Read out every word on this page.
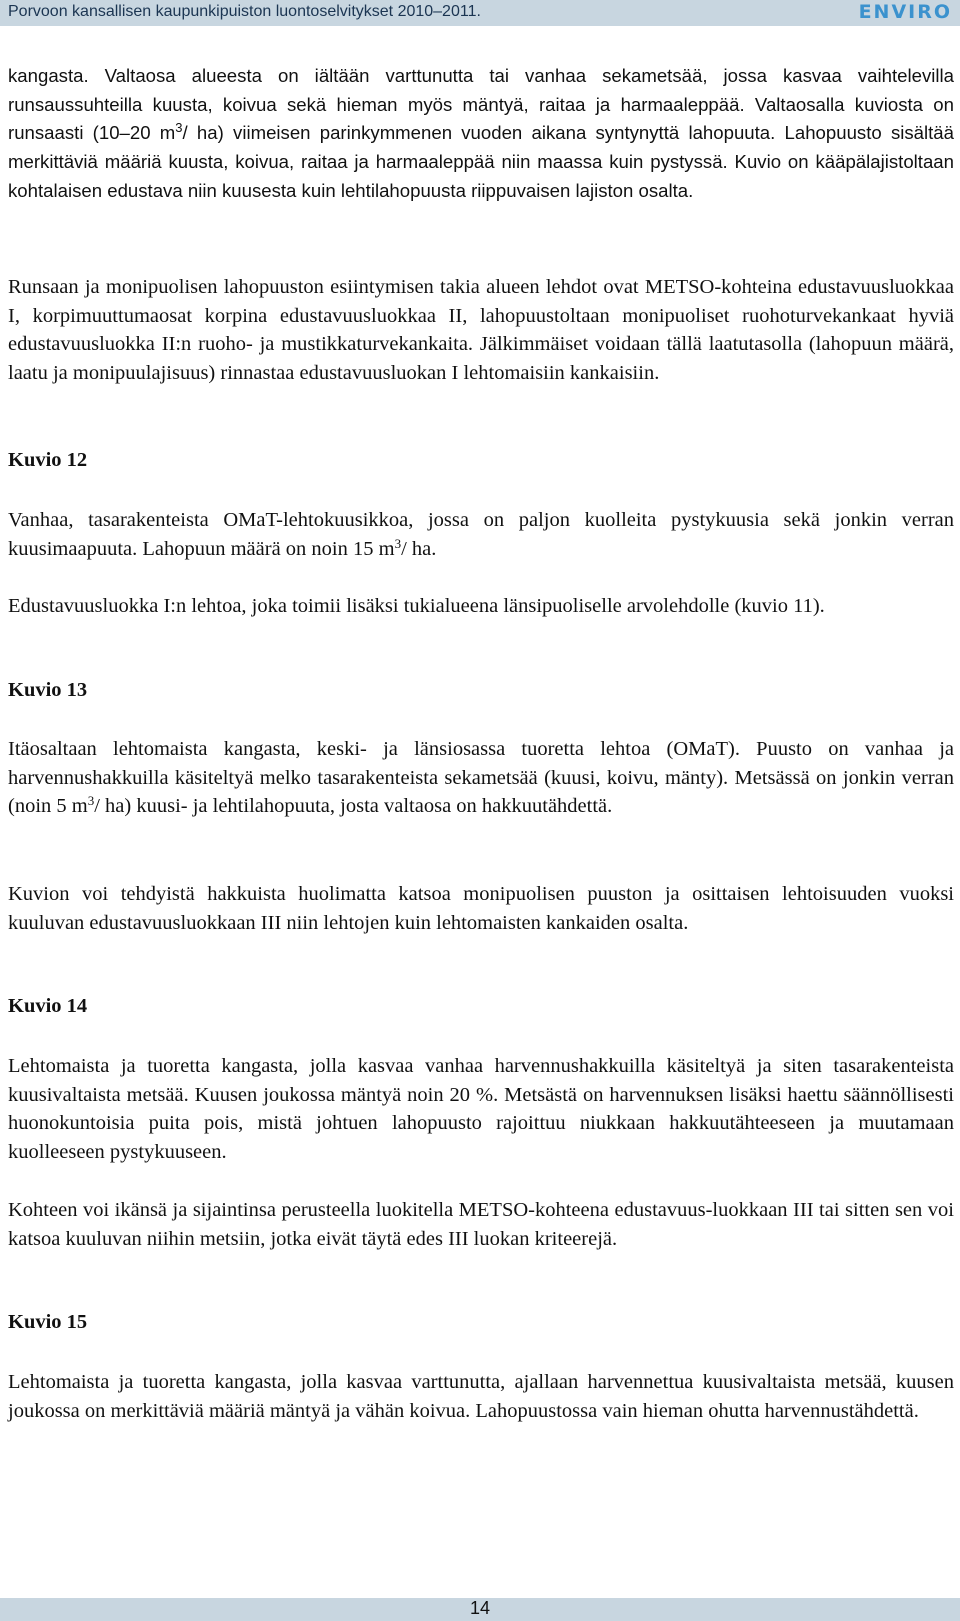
Porvoon kansallisen kaupunkipuiston luontoselvitykset 2010–2011.	ENVIRO
kangasta. Valtaosa alueesta on iältään varttunutta tai vanhaa sekametsää, jossa kasvaa vaihtelevilla runsaussuhteilla kuusta, koivua sekä hieman myös mäntyä, raitaa ja harmaaleppää. Valtaosalla kuviosta on runsaasti (10–20 $m^3/$ ha) viimeisen parinkymmenen vuoden aikana syntynyttä lahopuuta. Lahopuusto sisältää merkittäviä määriä kuusta, koivua, raitaa ja harmaaleppää niin maassa kuin pystyssä. Kuvio on kääpälajistoltaan kohtalaisen edustava niin kuusesta kuin lehtilahopuusta riippuvaisen lajiston osalta.
Runsaan ja monipuolisen lahopuuston esiintymisen takia alueen lehdot ovat METSO-kohteina edustavuusluokkaa I, korpimuuttumaosat korpina edustavuusluokkaa II, lahopuustoltaan monipuoliset ruohoturvekankaat hyviä edustavuusluokka II:n ruoho- ja mustikkaturvekankaita. Jälkimmäiset voidaan tällä laatutasolla (lahopuun määrä, laatu ja monipuulajisuus) rinnastaa edustavuusluokan I lehtomaisiin kankaisiin.
Kuvio 12
Vanhaa, tasarakenteista OMaT-lehtokuusikkoa, jossa on paljon kuolleita pystykuusia sekä jonkin verran kuusimaapuuta. Lahopuun määrä on noin 15 $m^3/$ ha.
Edustavuusluokka I:n lehtoa, joka toimii lisäksi tukialueena länsipuoliselle arvolehdolle (kuvio 11).
Kuvio 13
Itäosaltaan lehtomaista kangasta, keski- ja länsiosassa tuoretta lehtoa (OMaT). Puusto on vanhaa ja harvennushakkuilla käsiteltyä melko tasarakenteista sekametsää (kuusi, koivu, mänty). Metsässä on jonkin verran (noin 5 $m^3/$ ha) kuusi- ja lehtilahopuuta, josta valtaosa on hakkuutähdettä.
Kuvion voi tehdyistä hakkuista huolimatta katsoa monipuolisen puuston ja osittaisen lehtoisuuden vuoksi kuuluvan edustavuusluokkaan III niin lehtojen kuin lehtomaisten kankaiden osalta.
Kuvio 14
Lehtomaista ja tuoretta kangasta, jolla kasvaa vanhaa harvennushakkuilla käsiteltyä ja siten tasarakenteista kuusivaltaista metsää. Kuusen joukossa mäntyä noin 20 %. Metsästä on harvennuksen lisäksi haettu säännöllisesti huonokuntoisia puita pois, mistä johtuen lahopuusto rajoittuu niukkaan hakkuutähteeseen ja muutamaan kuolleeseen pystykuuseen.
Kohteen voi ikänsä ja sijaintinsa perusteella luokitella METSO-kohteena edustavuus-luokkaan III tai sitten sen voi katsoa kuuluvan niihin metsiin, jotka eivät täytä edes III luokan kriteerejä.
Kuvio 15
Lehtomaista ja tuoretta kangasta, jolla kasvaa varttunutta, ajallaan harvennettua kuusivaltaista metsää, kuusen joukossa on merkittäviä määriä mäntyä ja vähän koivua. Lahopuustossa vain hieman ohutta harvennustähdettä.
14
